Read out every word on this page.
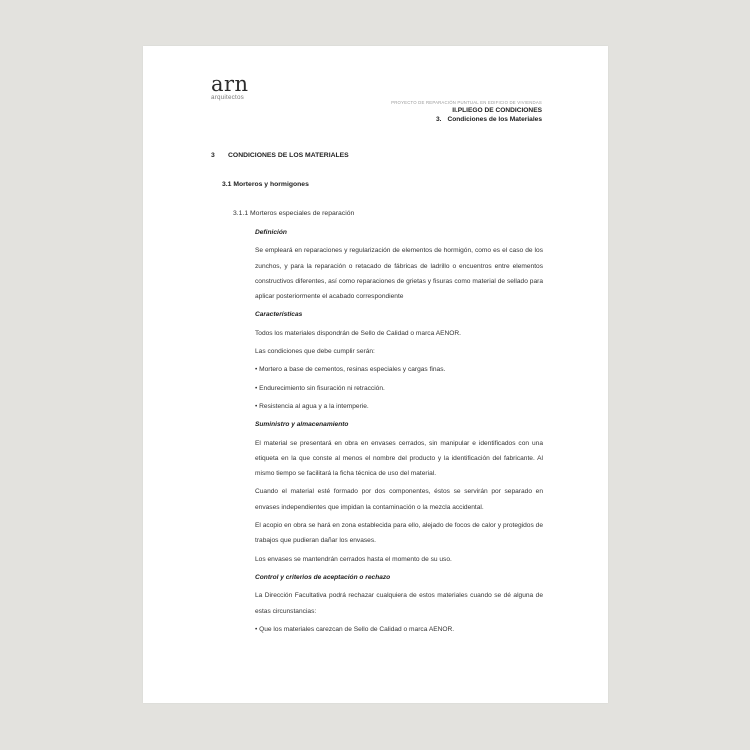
arn
arquitectos
PROYECTO DE REPARACIÓN PUNTUAL EN EDIFICIO DE VIVIENDAS
II.PLIEGO DE CONDICIONES
3. Condiciones de los Materiales
3 CONDICIONES DE LOS MATERIALES
3.1 Morteros y hormigones
3.1.1 Morteros especiales de reparación

Definición

Se empleará en reparaciones y regularización de elementos de hormigón, como es el caso de los zunchos, y para la reparación o retacado de fábricas de ladrillo o encuentros entre elementos constructivos diferentes, así como reparaciones de grietas y fisuras como material de sellado para aplicar posteriormente el acabado correspondiente

Características

Todos los materiales dispondrán de Sello de Calidad o marca AENOR.

Las condiciones que debe cumplir serán:

• Mortero a base de cementos, resinas especiales y cargas finas.

• Endurecimiento sin fisuración ni retracción.

• Resistencia al agua y a la intemperie.

Suministro y almacenamiento

El material se presentará en obra en envases cerrados, sin manipular e identificados con una etiqueta en la que conste al menos el nombre del producto y la identificación del fabricante. Al mismo tiempo se facilitará la ficha técnica de uso del material.

Cuando el material esté formado por dos componentes, éstos se servirán por separado en envases independientes que impidan la contaminación o la mezcla accidental.

El acopio en obra se hará en zona establecida para ello, alejado de focos de calor y protegidos de trabajos que pudieran dañar los envases.

Los envases se mantendrán cerrados hasta el momento de su uso.

Control y criterios de aceptación o rechazo

La Dirección Facultativa podrá rechazar cualquiera de estos materiales cuando se dé alguna de estas circunstancias:

• Que los materiales carezcan de Sello de Calidad o marca AENOR.
